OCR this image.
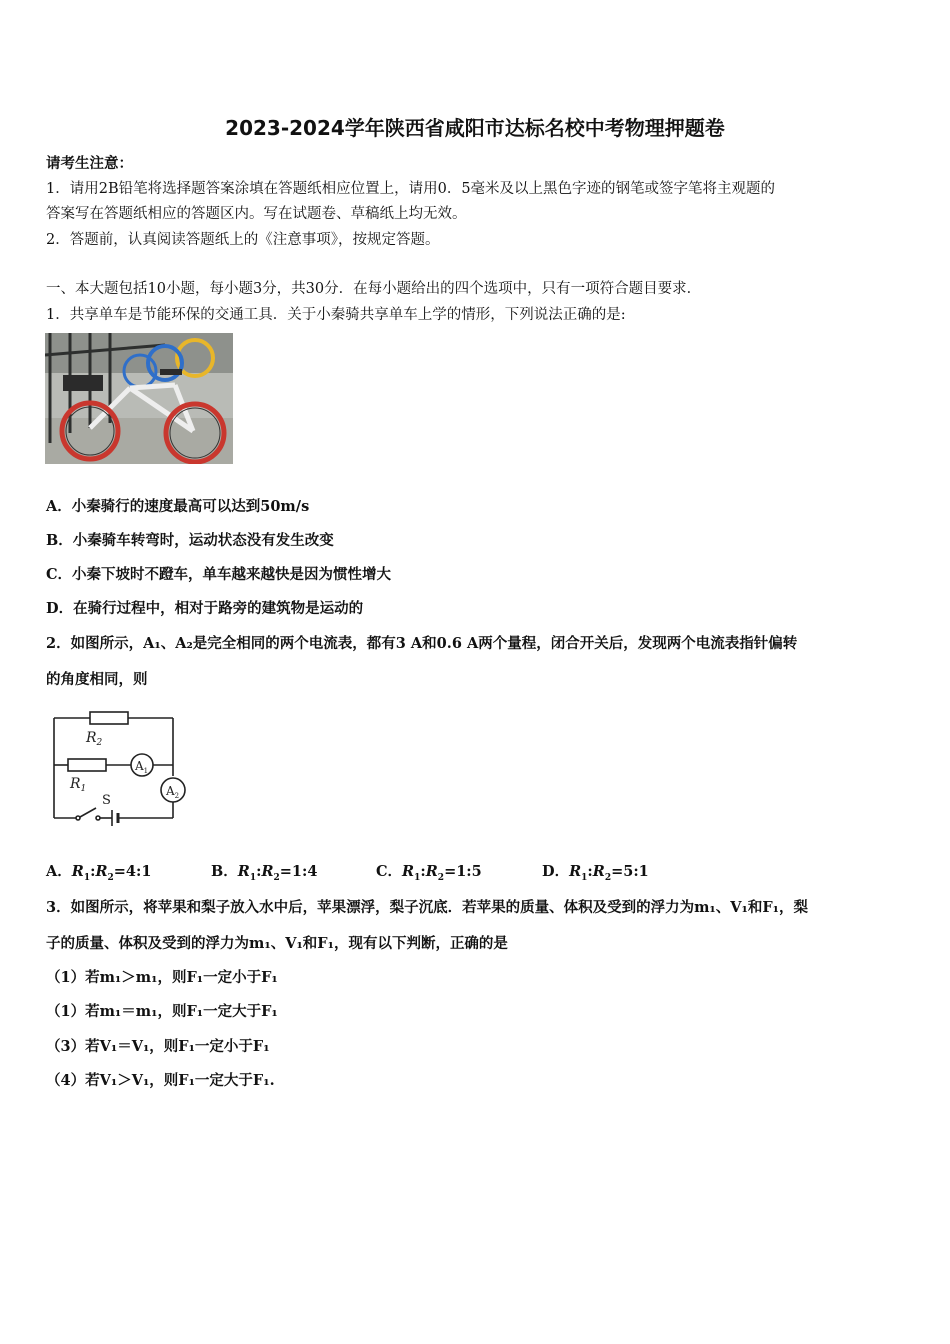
2023-2024学年陕西省咸阳市达标名校中考物理押题卷
请考生注意：
1．请用2B铅笔将选择题答案涂填在答题纸相应位置上，请用0．5毫米及以上黑色字迹的钢笔或签字笔将主观题的
答案写在答题纸相应的答题区内。写在试题卷、草稿纸上均无效。
2．答题前，认真阅读答题纸上的《注意事项》，按规定答题。
一、本大题包括10小题，每小题3分，共30分．在每小题给出的四个选项中，只有一项符合题目要求．
1．共享单车是节能环保的交通工具．关于小秦骑共享单车上学的情形，下列说法正确的是:
A．小秦骑行的速度最高可以达到50m/s
B．小秦骑车转弯时，运动状态没有发生改变
C．小秦下坡时不蹬车，单车越来越快是因为惯性增大
D．在骑行过程中，相对于路旁的建筑物是运动的
2．如图所示，A₁、A₂是完全相同的两个电流表，都有3 A和0.6 A两个量程，闭合开关后，发现两个电流表指针偏转
的角度相同，则
$R_2$
$R_1$
$A_1$
$A_2$
S
A．$R_1:R_2=4:1$	B．$R_1:R_2=1:4$	C．$R_1:R_2=1:5$	D．$R_1:R_2=5:1$
3．如图所示，将苹果和梨子放入水中后，苹果漂浮，梨子沉底．若苹果的质量、体积及受到的浮力为m₁、V₁和F₁，梨
子的质量、体积及受到的浮力为m₁、V₁和F₁，现有以下判断，正确的是
（1）若m₁＞m₁，则F₁一定小于F₁
（1）若m₁＝m₁，则F₁一定大于F₁
（3）若V₁＝V₁，则F₁一定小于F₁
（4）若V₁＞V₁，则F₁一定大于F₁.
